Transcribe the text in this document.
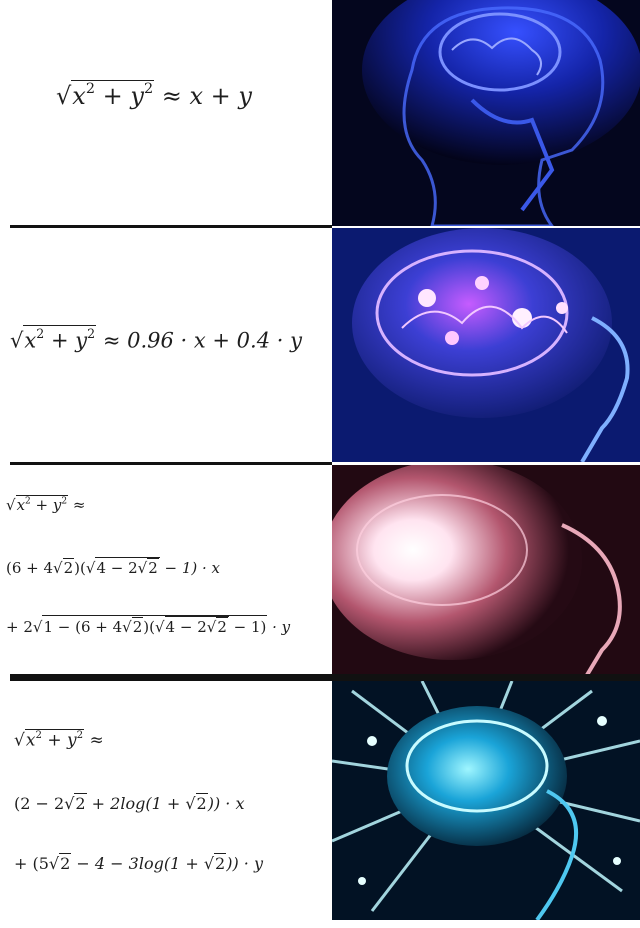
$√x^2 + y^2 \approx x + y$
$√x^2 + y^2 \approx 0.96 \cdot x + 0.4 \cdot y$
$√x^2 + y^2$ ≈
(6 + 4√2)(√4 − 2√2 − 1) · x
+ 2√1 − (6 + 4√2)(√4 − 2√2 − 1) · y
$√x^2 + y^2$ ≈
(2 − 2√2 + 2log(1 + √2)) · x
+ (5√2 − 4 − 3log(1 + √2)) · y
